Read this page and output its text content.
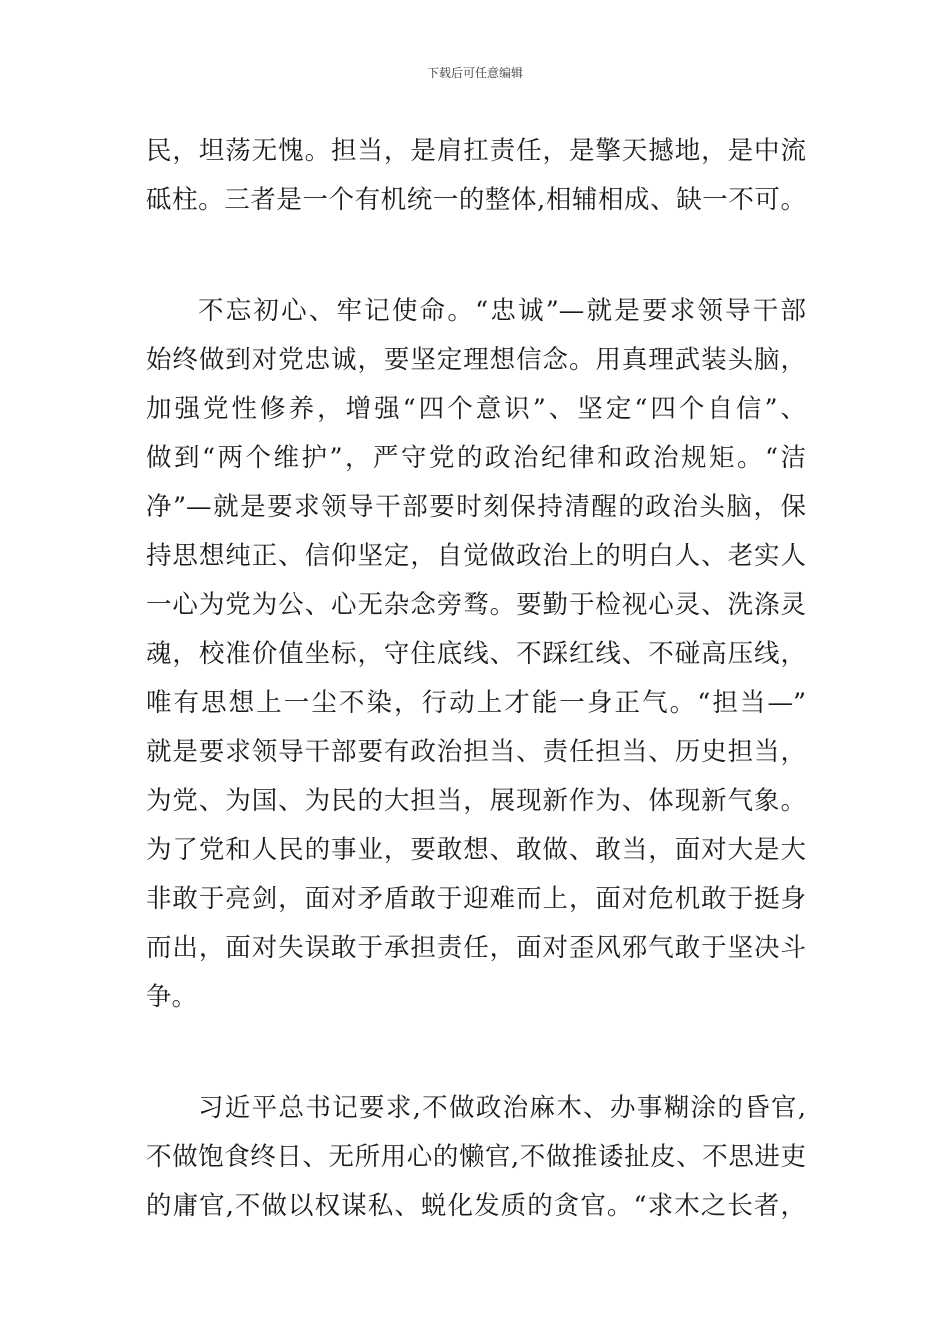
下载后可任意编辑
民，坦荡无愧。担当，是肩扛责任，是擎天撼地，是中流
砥柱。三者是一个有机统一的整体,相辅相成、缺一不可。
不忘初心、牢记使命。“忠诚”—就是要求领导干部
始终做到对党忠诚，要坚定理想信念。用真理武装头脑，
加强党性修养，增强“四个意识”、坚定“四个自信”、
做到“两个维护”，严守党的政治纪律和政治规矩。“洁
净”—就是要求领导干部要时刻保持清醒的政治头脑，保
持思想纯正、信仰坚定，自觉做政治上的明白人、老实人
一心为党为公、心无杂念旁骛。要勤于检视心灵、洗涤灵
魂，校准价值坐标，守住底线、不踩红线、不碰高压线，
唯有思想上一尘不染，行动上才能一身正气。“担当—”
就是要求领导干部要有政治担当、责任担当、历史担当，
为党、为国、为民的大担当，展现新作为、体现新气象。
为了党和人民的事业，要敢想、敢做、敢当，面对大是大
非敢于亮剑，面对矛盾敢于迎难而上，面对危机敢于挺身
而出，面对失误敢于承担责任，面对歪风邪气敢于坚决斗
争。
习近平总书记要求,不做政治麻木、办事糊涂的昏官,
不做饱食终日、无所用心的懒官,不做推诿扯皮、不思进吏
的庸官,不做以权谋私、蜕化发质的贪官。“求木之长者，
